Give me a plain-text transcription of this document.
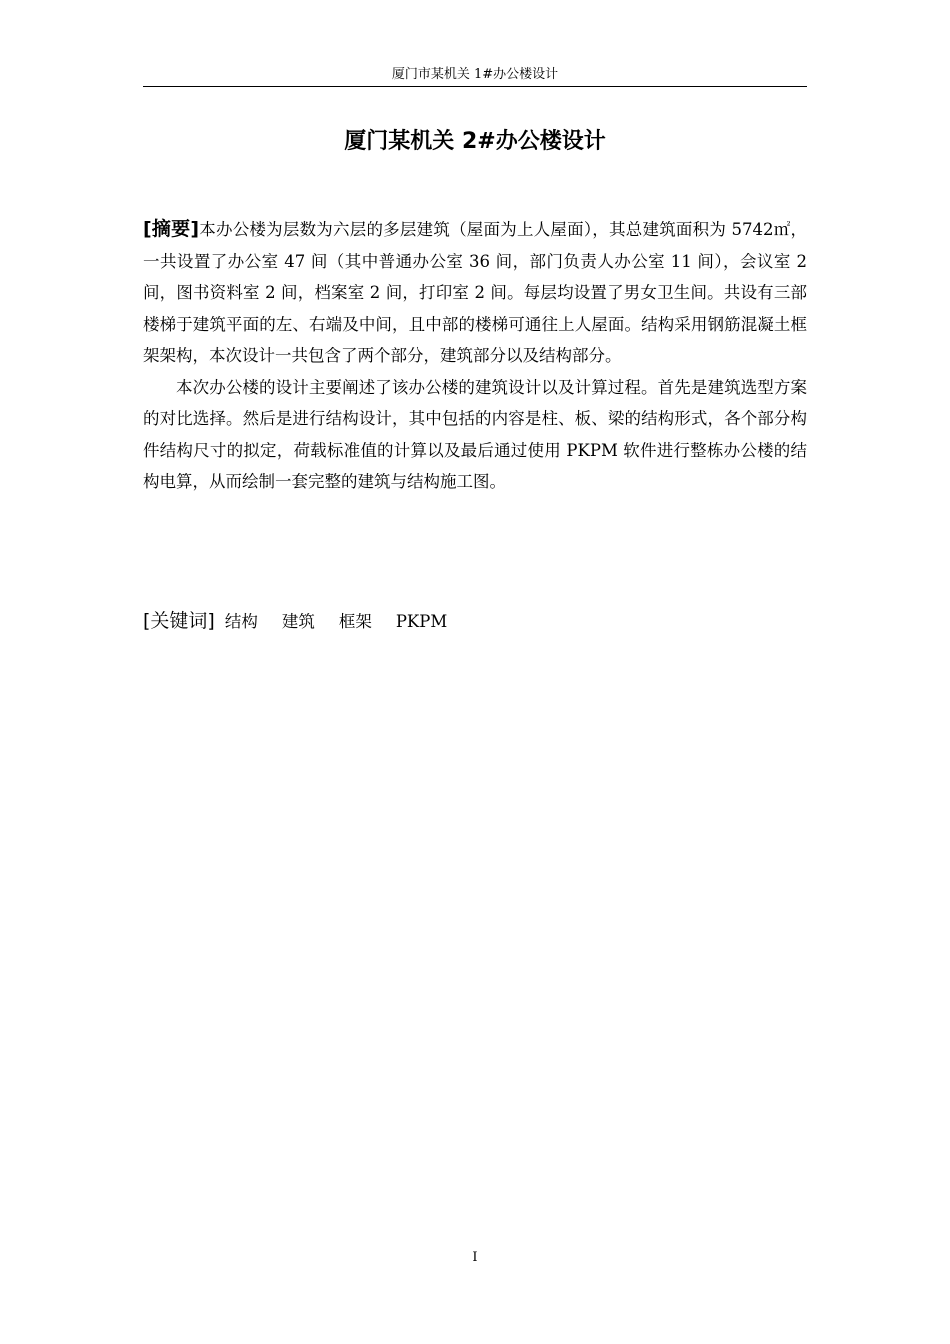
厦门市某机关 1#办公楼设计
厦门某机关 2#办公楼设计

[摘要]本办公楼为层数为六层的多层建筑（屋面为上人屋面），其总建筑面积为 5742㎡，一共设置了办公室 47 间（其中普通办公室 36 间，部门负责人办公室 11 间），会议室 2 间，图书资料室 2 间，档案室 2 间，打印室 2 间。每层均设置了男女卫生间。共设有三部楼梯于建筑平面的左、右端及中间，且中部的楼梯可通往上人屋面。结构采用钢筋混凝土框架架构，本次设计一共包含了两个部分，建筑部分以及结构部分。

本次办公楼的设计主要阐述了该办公楼的建筑设计以及计算过程。首先是建筑选型方案的对比选择。然后是进行结构设计，其中包括的内容是柱、板、梁的结构形式，各个部分构件结构尺寸的拟定，荷载标准值的计算以及最后通过使用 PKPM 软件进行整栋办公楼的结构电算，从而绘制一套完整的建筑与结构施工图。

[关键词] 结构 建筑 框架 PKPM
I
